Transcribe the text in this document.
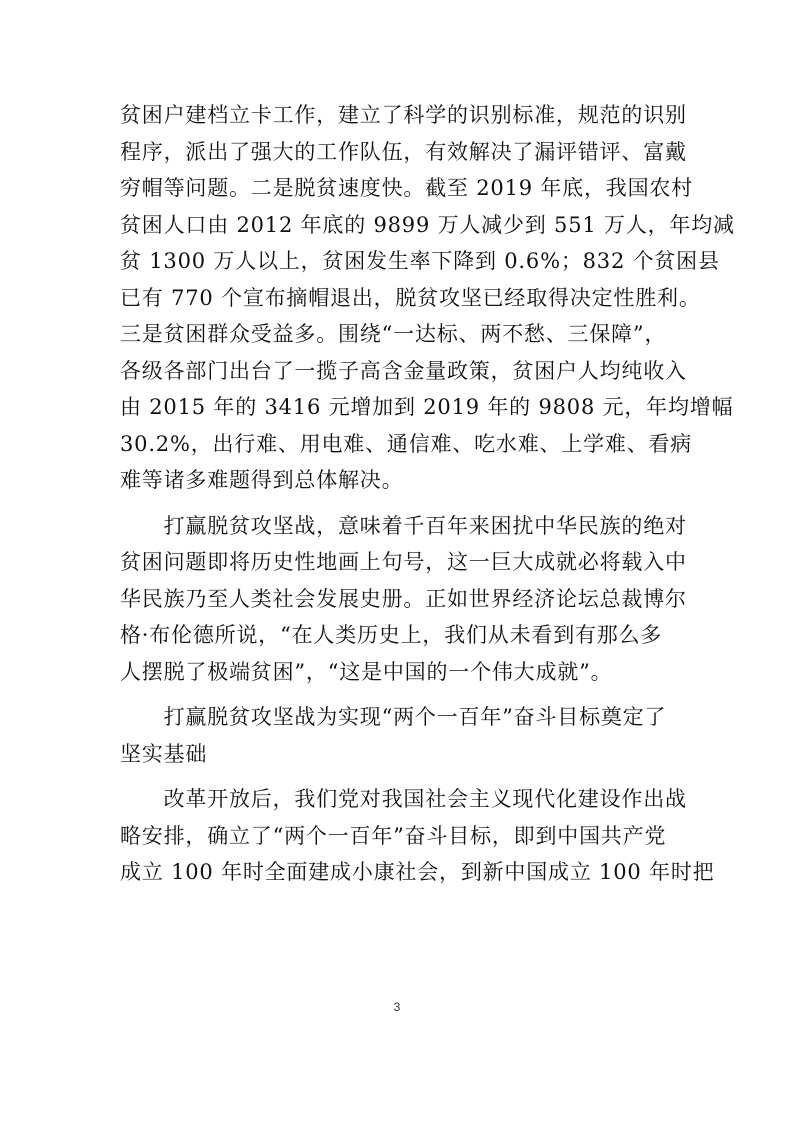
贫困户建档立卡工作，建立了科学的识别标准，规范的识别
程序，派出了强大的工作队伍，有效解决了漏评错评、富戴
穷帽等问题。二是脱贫速度快。截至 2019 年底，我国农村
贫困人口由 2012 年底的 9899 万人减少到 551 万人，年均减
贫 1300 万人以上，贫困发生率下降到 0.6%；832 个贫困县
已有 770 个宣布摘帽退出，脱贫攻坚已经取得决定性胜利。
三是贫困群众受益多。围绕“一达标、两不愁、三保障”，
各级各部门出台了一揽子高含金量政策，贫困户人均纯收入
由 2015 年的 3416 元增加到 2019 年的 9808 元，年均增幅
30.2%，出行难、用电难、通信难、吃水难、上学难、看病
难等诸多难题得到总体解决。
　　打赢脱贫攻坚战，意味着千百年来困扰中华民族的绝对
贫困问题即将历史性地画上句号，这一巨大成就必将载入中
华民族乃至人类社会发展史册。正如世界经济论坛总裁博尔
格·布伦德所说，“在人类历史上，我们从未看到有那么多
人摆脱了极端贫困”，“这是中国的一个伟大成就”。
　　打赢脱贫攻坚战为实现“两个一百年”奋斗目标奠定了
坚实基础
　　改革开放后，我们党对我国社会主义现代化建设作出战
略安排，确立了“两个一百年”奋斗目标，即到中国共产党
成立 100 年时全面建成小康社会，到新中国成立 100 年时把
3
